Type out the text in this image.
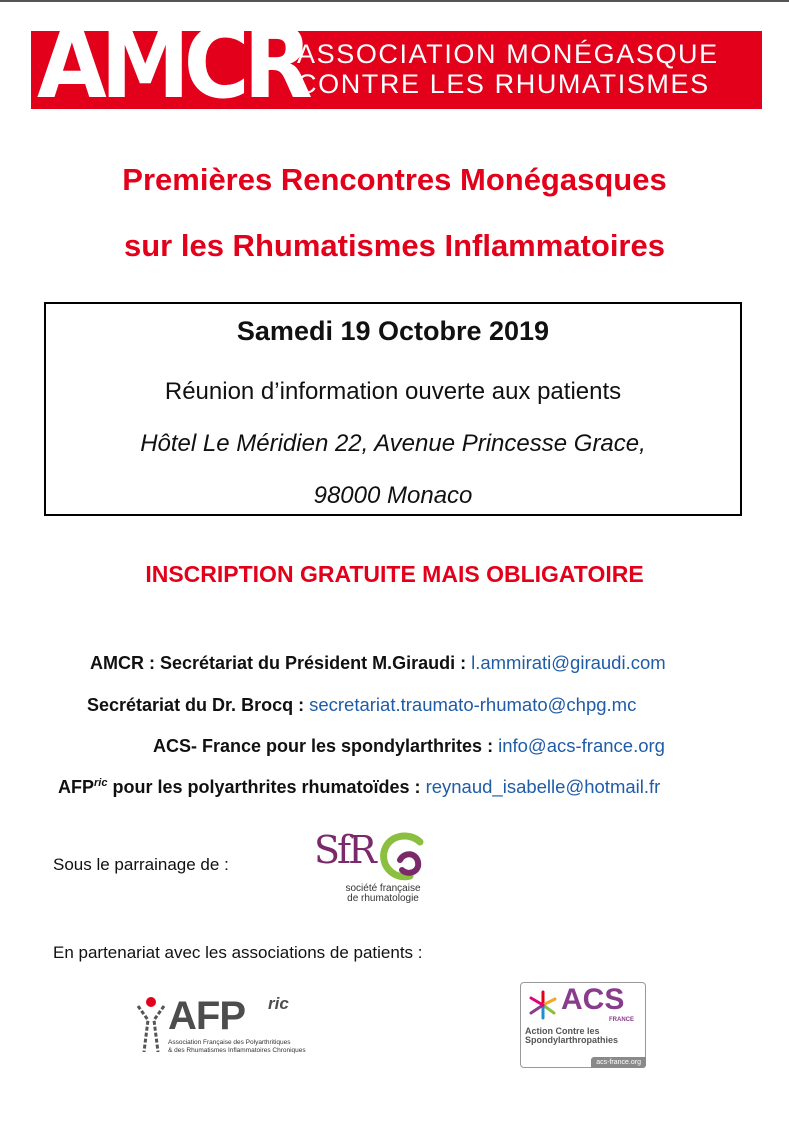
AMCR
ASSOCIATION MONÉGASQUE
CONTRE LES RHUMATISMES
Premières Rencontres Monégasques
sur les Rhumatismes Inflammatoires
Samedi 19 Octobre 2019
Réunion d’information ouverte aux patients
Hôtel Le Méridien 22, Avenue Princesse Grace,
98000 Monaco
INSCRIPTION GRATUITE MAIS OBLIGATOIRE
AMCR : Secrétariat du Président M.Giraudi : l.ammirati@giraudi.com
Secrétariat du Dr. Brocq : secretariat.traumato-rhumato@chpg.mc
ACS- France pour les spondylarthrites : info@acs-france.org
$AFP^{ric}$ pour les polyarthrites rhumatoïdes : reynaud_isabelle@hotmail.fr
Sous le parrainage de : SfR
société française
de rhumatologie
En partenariat avec les associations de patients :
AFP ric
Association Française des Polyarthritiques
& des Rhumatismes Inflammatoires Chroniques
ACS
FRANCE
Action Contre les
Spondylarthropathies
acs-france.org
